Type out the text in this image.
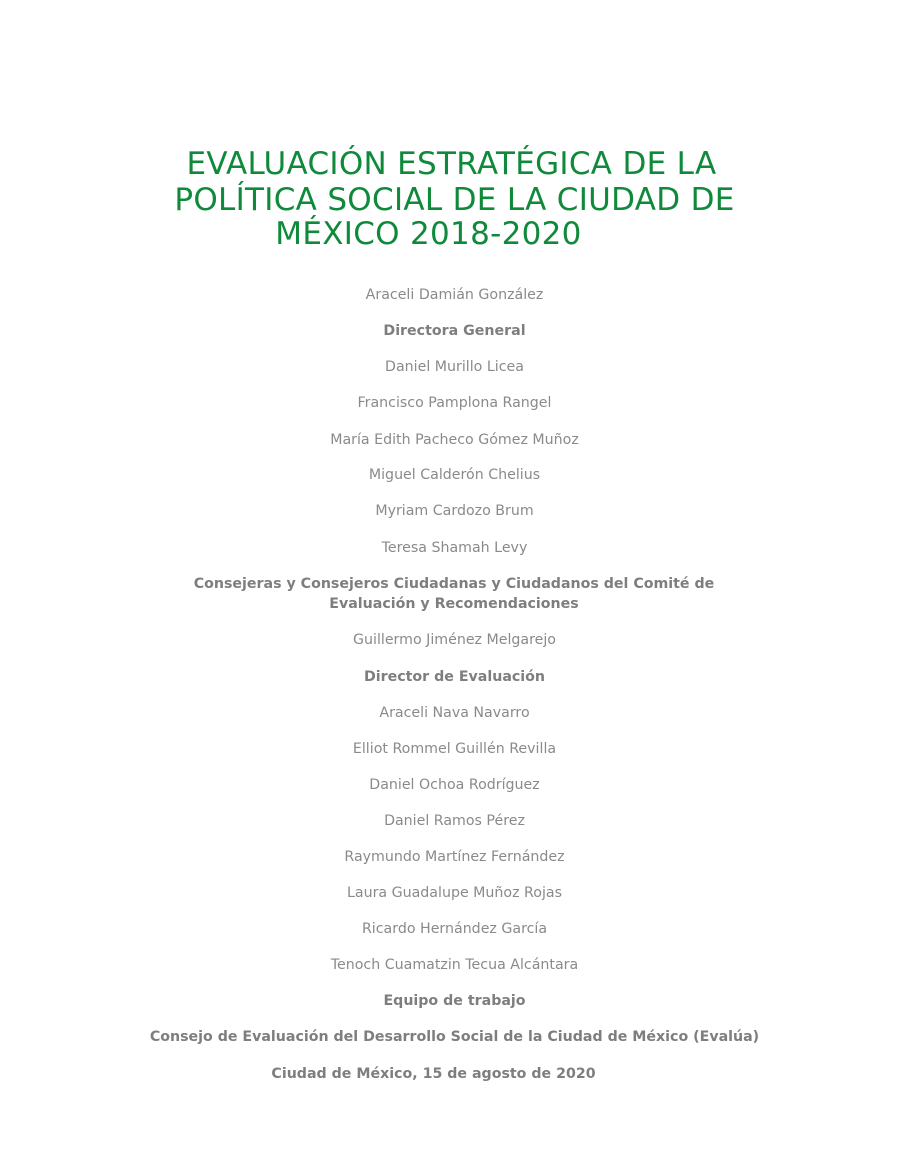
EVALUACIÓN ESTRATÉGICA DE LA
POLÍTICA SOCIAL DE LA CIUDAD DE
MÉXICO 2018-2020
Araceli Damián González
Directora General
Daniel Murillo Licea
Francisco Pamplona Rangel
María Edith Pacheco Gómez Muñoz
Miguel Calderón Chelius
Myriam Cardozo Brum
Teresa Shamah Levy
Consejeras y Consejeros Ciudadanas y Ciudadanos del Comité de Evaluación y Recomendaciones
Guillermo Jiménez Melgarejo
Director de Evaluación
Araceli Nava Navarro
Elliot Rommel Guillén Revilla
Daniel Ochoa Rodríguez
Daniel Ramos Pérez
Raymundo Martínez Fernández
Laura Guadalupe Muñoz Rojas
Ricardo Hernández García
Tenoch Cuamatzin Tecua Alcántara
Equipo de trabajo
Consejo de Evaluación del Desarrollo Social de la Ciudad de México (Evalúa)
Ciudad de México, 15 de agosto de 2020
